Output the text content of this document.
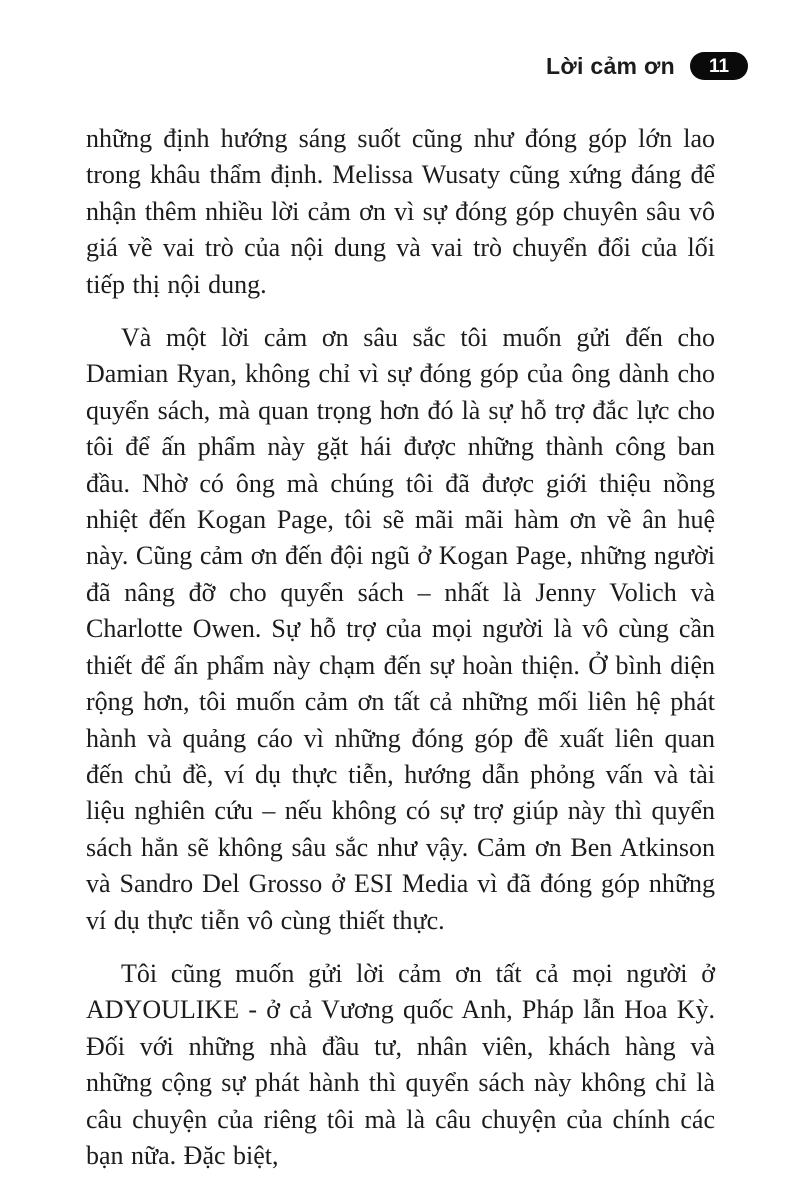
Lời cảm ơn	11

những định hướng sáng suốt cũng như đóng góp lớn lao trong khâu thẩm định. Melissa Wusaty cũng xứng đáng để nhận thêm nhiều lời cảm ơn vì sự đóng góp chuyên sâu vô giá về vai trò của nội dung và vai trò chuyển đổi của lối tiếp thị nội dung.

Và một lời cảm ơn sâu sắc tôi muốn gửi đến cho Damian Ryan, không chỉ vì sự đóng góp của ông dành cho quyển sách, mà quan trọng hơn đó là sự hỗ trợ đắc lực cho tôi để ấn phẩm này gặt hái được những thành công ban đầu. Nhờ có ông mà chúng tôi đã được giới thiệu nồng nhiệt đến Kogan Page, tôi sẽ mãi mãi hàm ơn về ân huệ này. Cũng cảm ơn đến đội ngũ ở Kogan Page, những người đã nâng đỡ cho quyển sách – nhất là Jenny Volich và Charlotte Owen. Sự hỗ trợ của mọi người là vô cùng cần thiết để ấn phẩm này chạm đến sự hoàn thiện. Ở bình diện rộng hơn, tôi muốn cảm ơn tất cả những mối liên hệ phát hành và quảng cáo vì những đóng góp đề xuất liên quan đến chủ đề, ví dụ thực tiễn, hướng dẫn phỏng vấn và tài liệu nghiên cứu – nếu không có sự trợ giúp này thì quyển sách hẳn sẽ không sâu sắc như vậy. Cảm ơn Ben Atkinson và Sandro Del Grosso ở ESI Media vì đã đóng góp những ví dụ thực tiễn vô cùng thiết thực.

Tôi cũng muốn gửi lời cảm ơn tất cả mọi người ở ADYOULIKE - ở cả Vương quốc Anh, Pháp lẫn Hoa Kỳ. Đối với những nhà đầu tư, nhân viên, khách hàng và những cộng sự phát hành thì quyển sách này không chỉ là câu chuyện của riêng tôi mà là câu chuyện của chính các bạn nữa. Đặc biệt,
